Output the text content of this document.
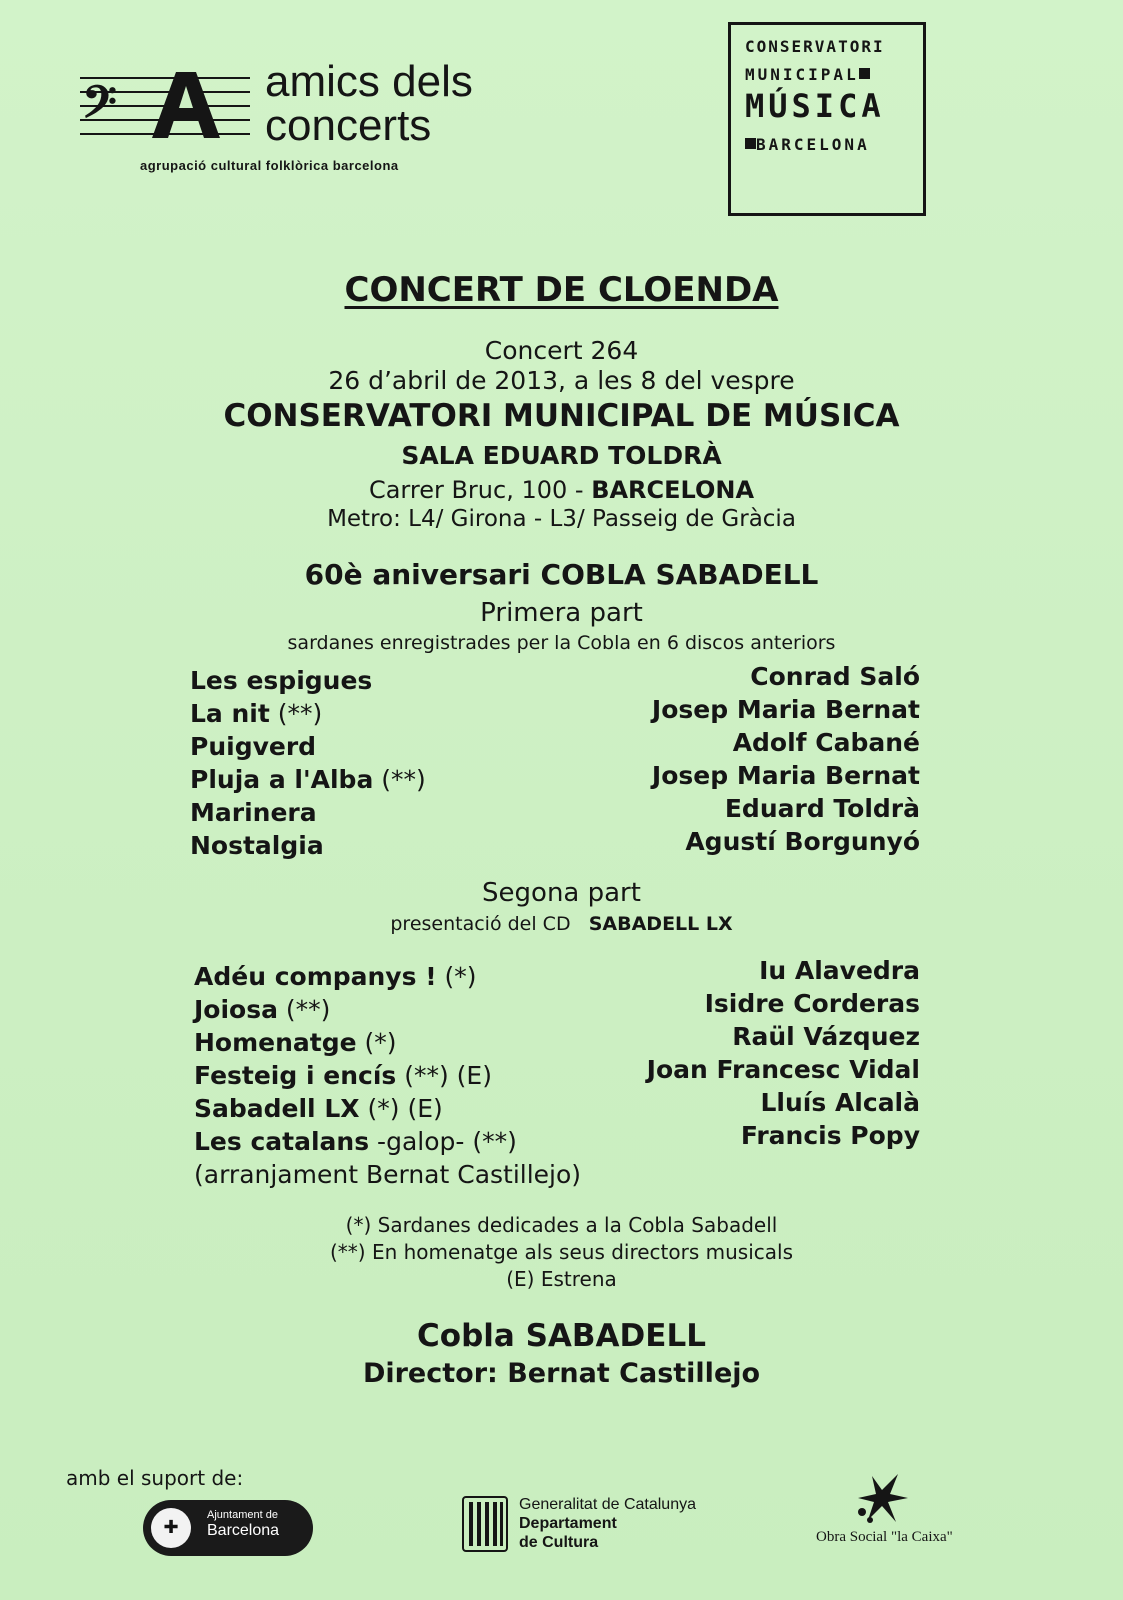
𝄢	amics dels
concerts
agrupació cultural folklòrica barcelona
CONSERVATORI
MUNICIPAL
MÚSICA
BARCELONA
CONCERT DE CLOENDA
Concert 264
26 d’abril de 2013, a les 8 del vespre
CONSERVATORI MUNICIPAL DE MÚSICA
SALA EDUARD TOLDRÀ
Carrer Bruc, 100 - BARCELONA
Metro: L4/ Girona - L3/ Passeig de Gràcia
60è aniversari COBLA SABADELL
Primera part
sardanes enregistrades per la Cobla en 6 discos anteriors
Les espigues
La nit (**)
Puigverd
Pluja a l'Alba (**)
Marinera
Nostalgia
Conrad Saló
Josep Maria Bernat
Adolf Cabané
Josep Maria Bernat
Eduard Toldrà
Agustí Borgunyó
Segona part
presentació del CD SABADELL LX
Adéu companys ! (*)
Joiosa (**)
Homenatge (*)
Festeig i encís (**) (E)
Sabadell LX (*) (E)
Les catalans -galop- (**)
(arranjament Bernat Castillejo)
Iu Alavedra
Isidre Corderas
Raül Vázquez
Joan Francesc Vidal
Lluís Alcalà
Francis Popy
(*) Sardanes dedicades a la Cobla Sabadell
(**) En homenatge als seus directors musicals
(E) Estrena
Cobla SABADELL
Director: Bernat Castillejo
amb el suport de:
✚
Ajuntament de
Barcelona
Generalitat de Catalunya
Departament
de Cultura	Obra Social "la Caixa"
